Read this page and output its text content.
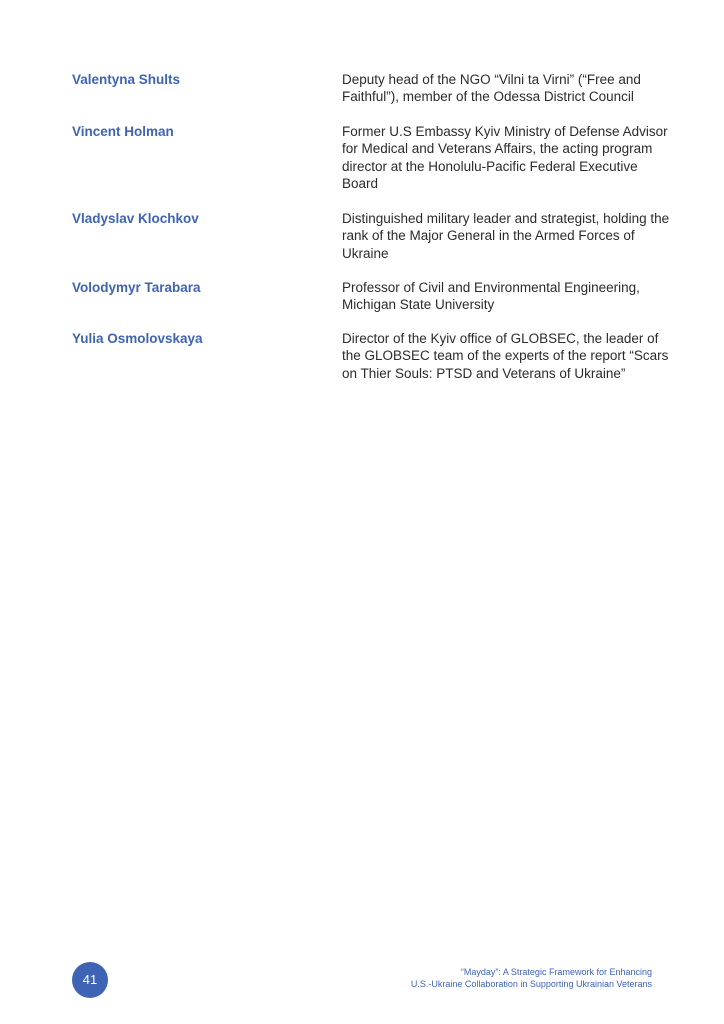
Valentyna Shults	Deputy head of the NGO “Vilni ta Virni” (“Free and Faithful”), member of the Odessa District Council

Vincent Holman	Former U.S Embassy Kyiv Ministry of Defense Advisor for Medical and Veterans Affairs, the acting program director at the Honolulu-Pacific Federal Executive Board

Vladyslav Klochkov	Distinguished military leader and strategist, holding the rank of the Major General in the Armed Forces of Ukraine

Volodymyr Tarabara	Professor of Civil and Environmental Engineering, Michigan State University

Yulia Osmolovskaya	Director of the Kyiv office of GLOBSEC, the leader of the GLOBSEC team of the experts of the report “Scars on Thier Souls: PTSD and Veterans of Ukraine”

41	“Mayday”: A Strategic Framework for Enhancing
U.S.-Ukraine Collaboration in Supporting Ukrainian Veterans
